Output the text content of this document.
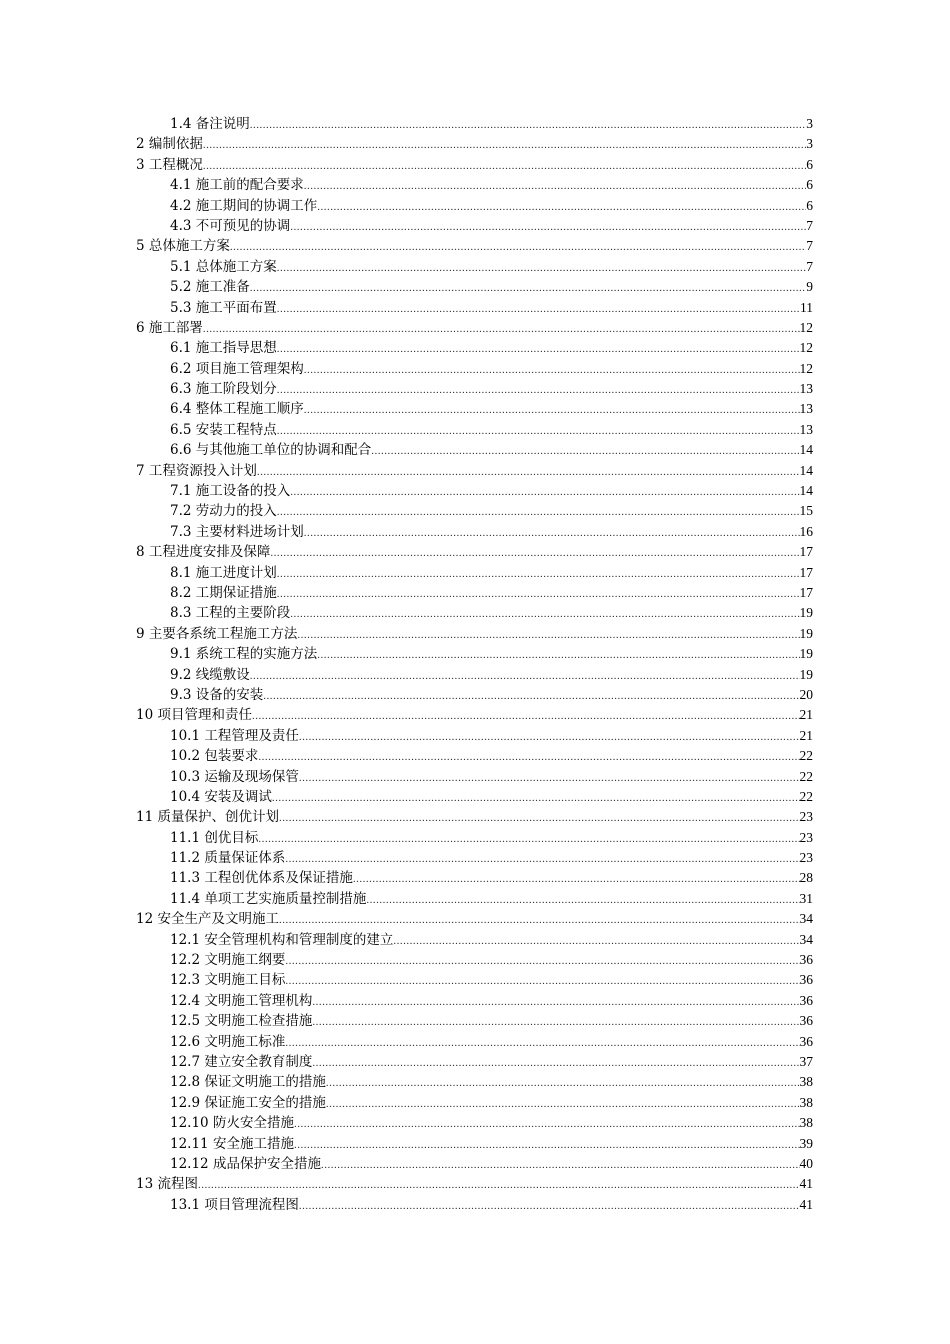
1.4 备注说明 .....	3
2 编制依据 .....	3
3 工程概况 .....	6
4.1 施工前的配合要求 .....	6
4.2 施工期间的协调工作 .....	6
4.3 不可预见的协调 .....	7
5 总体施工方案 .....	7
5.1 总体施工方案 .....	7
5.2 施工准备 .....	9
5.3 施工平面布置 .....	11
6 施工部署 .....	12
6.1 施工指导思想 .....	12
6.2 项目施工管理架构 .....	12
6.3 施工阶段划分 .....	13
6.4 整体工程施工顺序 .....	13
6.5 安装工程特点 .....	13
6.6 与其他施工单位的协调和配合 .....	14
7 工程资源投入计划 .....	14
7.1 施工设备的投入 .....	14
7.2 劳动力的投入 .....	15
7.3 主要材料进场计划 .....	16
8 工程进度安排及保障 .....	17
8.1 施工进度计划 .....	17
8.2 工期保证措施 .....	17
8.3 工程的主要阶段 .....	19
9 主要各系统工程施工方法 .....	19
9.1 系统工程的实施方法 .....	19
9.2 线缆敷设 .....	19
9.3 设备的安装 .....	20
10 项目管理和责任 .....	21
10.1 工程管理及责任 .....	21
10.2 包装要求 .....	22
10.3 运输及现场保管 .....	22
10.4 安装及调试 .....	22
11 质量保护、创优计划 .....	23
11.1 创优目标 .....	23
11.2 质量保证体系 .....	23
11.3 工程创优体系及保证措施 .....	28
11.4 单项工艺实施质量控制措施 .....	31
12 安全生产及文明施工 .....	34
12.1 安全管理机构和管理制度的建立 .....	34
12.2 文明施工纲要 .....	36
12.3 文明施工目标 .....	36
12.4 文明施工管理机构 .....	36
12.5 文明施工检查措施 .....	36
12.6 文明施工标准 .....	36
12.7 建立安全教育制度 .....	37
12.8 保证文明施工的措施 .....	38
12.9 保证施工安全的措施 .....	38
12.10 防火安全措施 .....	38
12.11 安全施工措施 .....	39
12.12 成品保护安全措施 .....	40
13 流程图 .....	41
13.1 项目管理流程图 .....	41
